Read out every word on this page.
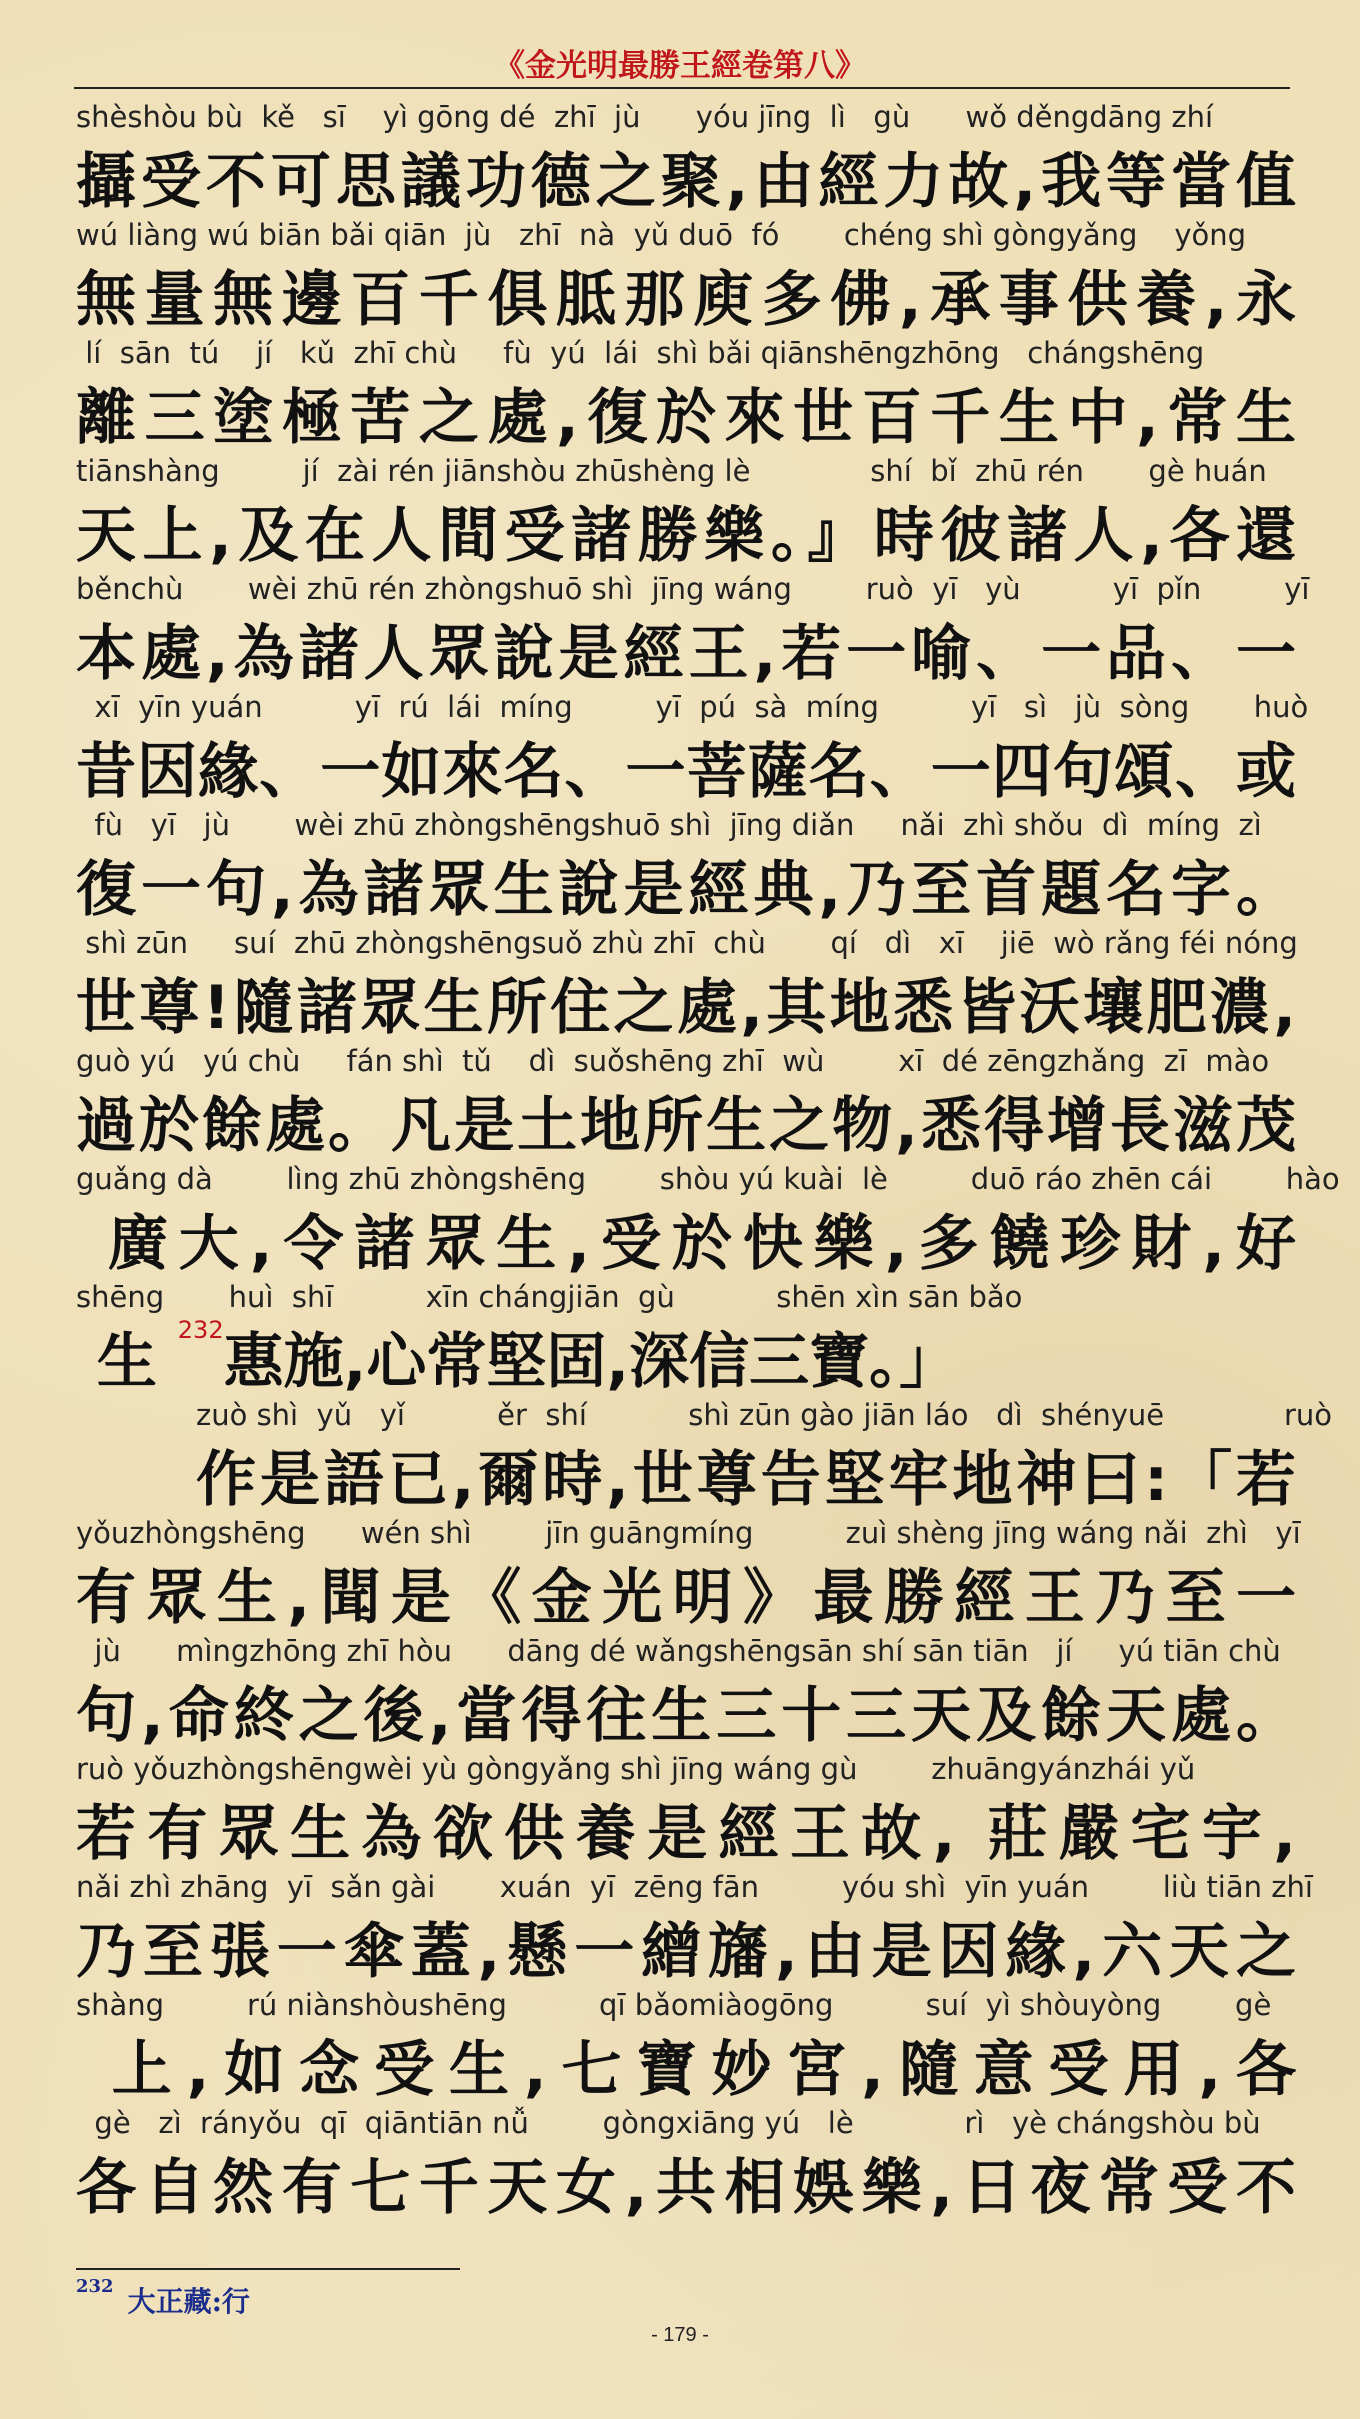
《金光明最勝王經卷第八》
shèshòu bù  kě   sī    yì gōng dé  zhī  jù      yóu jīng  lì   gù      wǒ děngdāng zhí
攝受不可思議功德之聚,由經力故,我等當值
wú liàng wú biān bǎi qiān  jù   zhī  nà  yǔ duō  fó       chéng shì gòngyǎng    yǒng
無量無邊百千俱胝那庾多佛,承事供養,永
lí  sān  tú    jí   kǔ  zhī chù     fù  yú  lái  shì bǎi qiānshēngzhōng   chángshēng
離三塗極苦之處,復於來世百千生中,常生
tiānshàng         jí  zài rén jiānshòu zhūshèng lè             shí  bǐ  zhū rén       gè huán
天上,及在人間受諸勝樂。』時彼諸人,各還
běnchù       wèi zhū rén zhòngshuō shì  jīng wáng        ruò  yī   yù          yī  pǐn         yī
本處,為諸人眾說是經王,若一喻、一品、一
xī  yīn yuán          yī  rú  lái  míng         yī  pú  sà  míng          yī   sì   jù  sòng       huò
昔因緣、一如來名、一菩薩名、一四句頌、或
fù   yī   jù       wèi zhū zhòngshēngshuō shì  jīng diǎn     nǎi  zhì shǒu  dì  míng  zì
復一句,為諸眾生說是經典,乃至首題名字。
shì zūn     suí  zhū zhòngshēngsuǒ zhù zhī  chù       qí   dì   xī    jiē  wò rǎng féi nóng
世尊!隨諸眾生所住之處,其地悉皆沃壤肥濃,
guò yú   yú chù     fán shì  tǔ    dì  suǒshēng zhī  wù        xī  dé zēngzhǎng  zī  mào
過於餘處。凡是土地所生之物,悉得增長滋茂
guǎng dà        lìng zhū zhòngshēng        shòu yú kuài  lè         duō ráo zhēn cái        hào
廣大,令諸眾生,受於快樂,多饒珍財,好
shēng       huì  shī          xīn chángjiān  gù           shēn xìn sān bǎo
生 $^{232}$惠施,心常堅固,深信三寶。」
zuò shì  yǔ   yǐ          ěr  shí           shì zūn gào jiān láo   dì  shényuē             ruò
作是語已,爾時,世尊告堅牢地神曰:「若
yǒuzhòngshēng      wén shì        jīn guāngmíng          zuì shèng jīng wáng nǎi  zhì   yī
有眾生,聞是《金光明》最勝經王乃至一
jù      mìngzhōng zhī hòu      dāng dé wǎngshēngsān shí sān tiān   jí     yú tiān chù
句,命終之後,當得往生三十三天及餘天處。
ruò yǒuzhòngshēngwèi yù gòngyǎng shì jīng wáng gù        zhuāngyánzhái yǔ
若有眾生為欲供養是經王故, 莊嚴宅宇,
nǎi zhì zhāng  yī  sǎn gài       xuán  yī  zēng fān         yóu shì  yīn yuán        liù tiān zhī
乃至張一傘蓋,懸一繒旛,由是因緣,六天之
shàng         rú niànshòushēng          qī bǎomiàogōng          suí  yì shòuyòng        gè
上,如念受生,七寶妙宮,隨意受用,各
gè   zì  rányǒu  qī  qiāntiān nǚ        gòngxiāng yú   lè            rì   yè chángshòu bù
各自然有七千天女,共相娛樂,日夜常受不
$^{232}$ 大正藏:行
- 179 -
